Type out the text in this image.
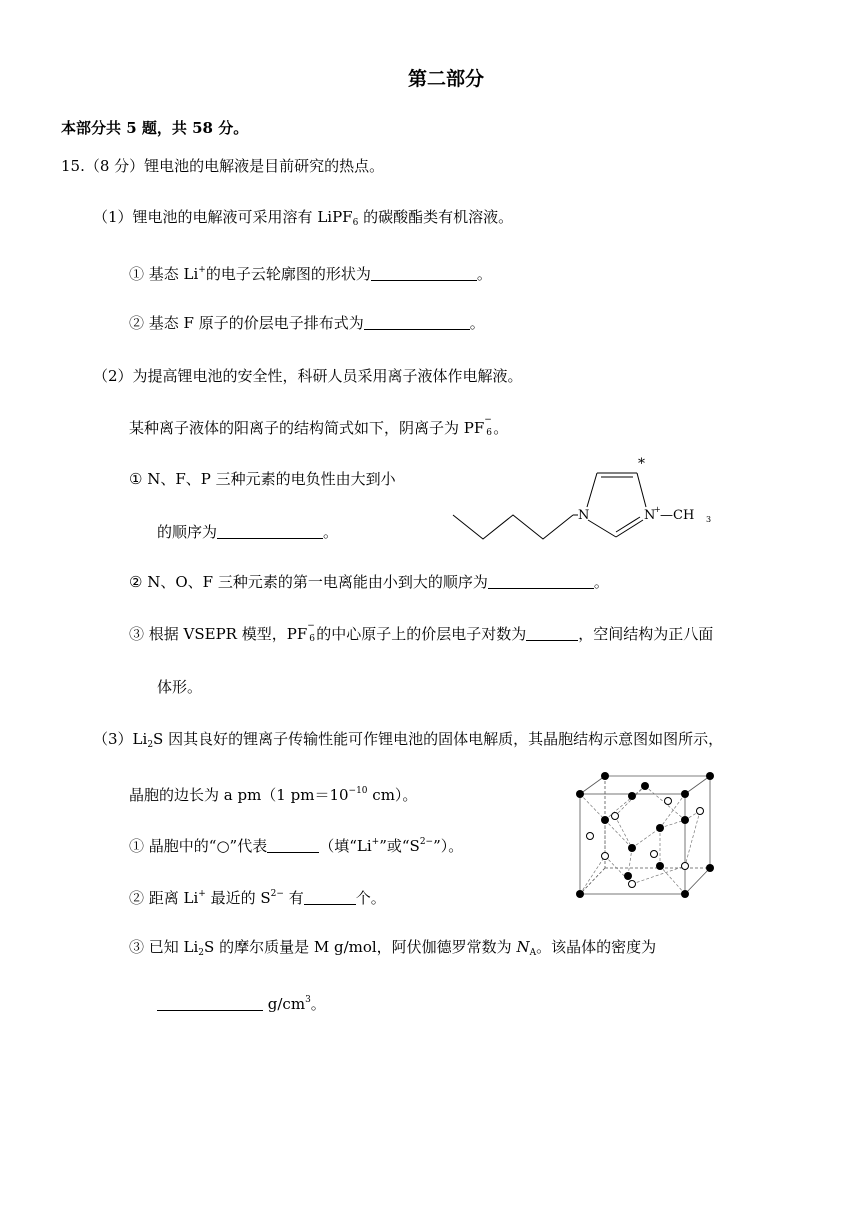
第二部分
本部分共 5 题，共 58 分。
15.（8 分）锂电池的电解液是目前研究的热点。
（1）锂电池的电解液可采用溶有 LiPF$_6$ 的碳酸酯类有机溶液。
① 基态 Li+的电子云轮廓图的形状为	。
② 基态 F 原子的价层电子排布式为	。
（2）为提高锂电池的安全性，科研人员采用离子液体作电解液。
某种离子液体的阳离子的结构简式如下，阴离子为 PF −
6 。
① N、F、P 三种元素的电负性由大到小
的顺序为	。
*
N	N
+ —CH 3
② N、O、F 三种元素的第一电离能由小到大的顺序为	。
③ 根据 VSEPR 模型，PF −
6 的中心原子上的价层电子对数为	，空间结构为正八面
体形。
$(3)Li_2S$ 因其良好的锂离子传输性能可作锂电池的固体电解质，其晶胞结构示意图如图所示，
晶胞的边长为 a pm（1 $pm=10^{-10}$ cm）。
① 晶胞中的“○”代表	（填“Li+”或“$S^{2-}$”）。
② 距离 Li+ 最近的 $S^{2-}$ 有	个。
③ 已知 $Li_2S$ 的摩尔质量是 M g/mol，阿伏伽德罗常数为 $N_A$。该晶体的密度为
$g/cm^3$。
